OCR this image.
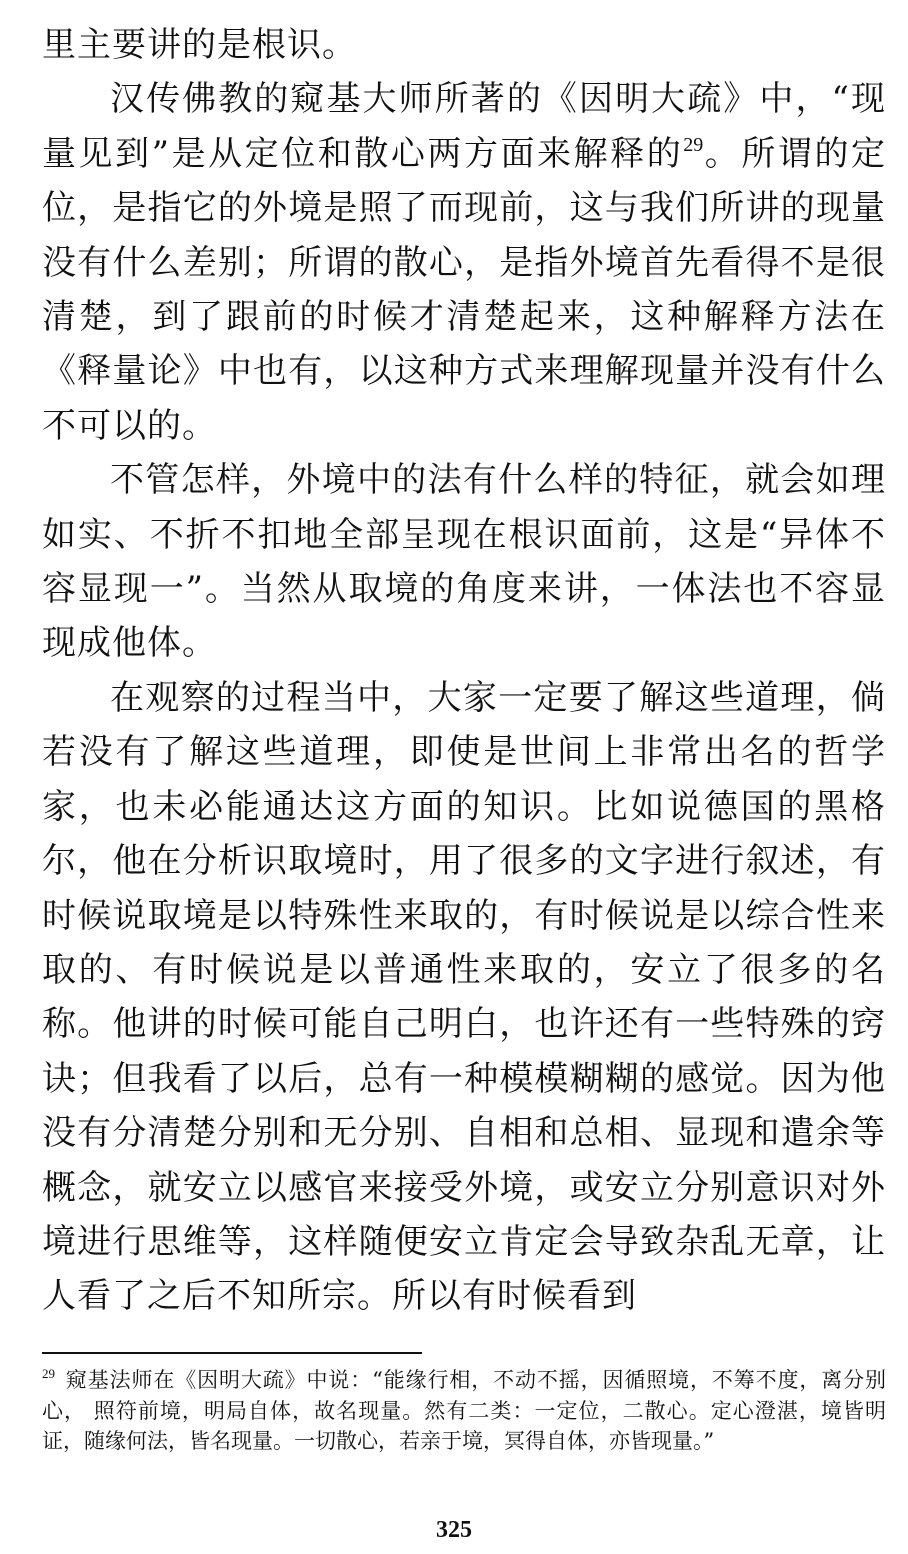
里主要讲的是根识。

汉传佛教的窥基大师所著的《因明大疏》中，“现量见到”是从定位和散心两方面来解释的$^{29}$。所谓的定位，是指它的外境是照了而现前，这与我们所讲的现量没有什么差别；所谓的散心，是指外境首先看得不是很清楚，到了跟前的时候才清楚起来，这种解释方法在《释量论》中也有，以这种方式来理解现量并没有什么不可以的。

不管怎样，外境中的法有什么样的特征，就会如理如实、不折不扣地全部呈现在根识面前，这是“异体不容显现一”。当然从取境的角度来讲，一体法也不容显现成他体。

在观察的过程当中，大家一定要了解这些道理，倘若没有了解这些道理，即使是世间上非常出名的哲学家，也未必能通达这方面的知识。比如说德国的黑格尔，他在分析识取境时，用了很多的文字进行叙述，有时候说取境是以特殊性来取的，有时候说是以综合性来取的、有时候说是以普通性来取的，安立了很多的名称。他讲的时候可能自己明白，也许还有一些特殊的窍诀；但我看了以后，总有一种模模糊糊的感觉。因为他没有分清楚分别和无分别、自相和总相、显现和遣余等概念，就安立以感官来接受外境，或安立分别意识对外境进行思维等，这样随便安立肯定会导致杂乱无章，让人看了之后不知所宗。所以有时候看到

$^{29}$ 窥基法师在《因明大疏》中说：“能缘行相，不动不摇，因循照境，不筹不度，离分别心， 照符前境，明局自体，故名现量。然有二类：一定位，二散心。定心澄湛，境皆明证，随缘何法，皆名现量。一切散心，若亲于境，冥得自体，亦皆现量。”

325
